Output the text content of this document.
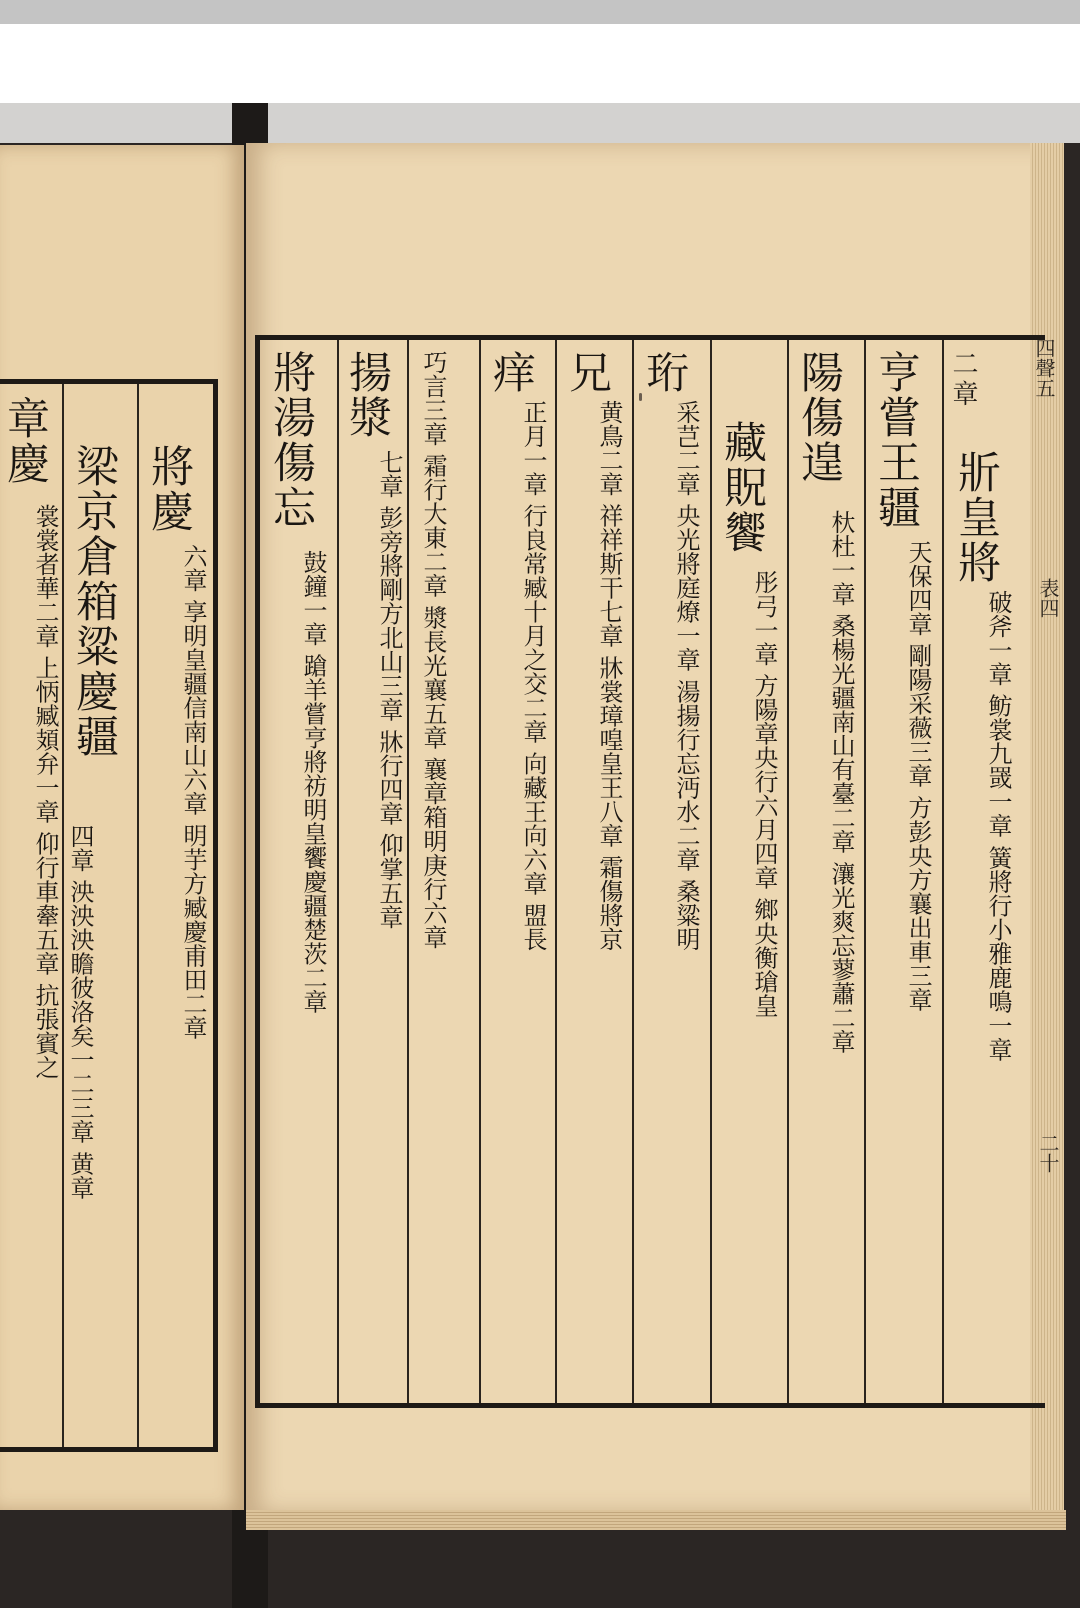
將慶
六章 享明皇疆信南山六章 明芋方臧慶甫田二章
梁京倉箱粱慶疆
四章 泱泱泱瞻彼洛矣一二三章 黄章
章慶
裳裳者華二章 上怲臧頍弁一章 仰行車舝五章 抗張賓之
四聲五
表四
二十
二
章
斨皇將
破斧一章 鲂裳九罭一章 簧將行小雅鹿鳴一章
亨嘗王疆
天保四章 剛陽采薇三章 方彭央方襄出車三章
陽傷遑
杕杜一章 桑楊光疆南山有臺二章 瀼光爽忘蓼蕭二章
藏貺饗
彤弓一章 方陽章央行六月四章 鄉央衡瑲皇
珩
采芑二章 央光將庭燎一章 湯揚行忘沔水二章 桑粱明
兄
黄鳥二章 祥祥斯干七章 牀裳璋喤皇王八章 霜傷將京
痒
正月一章 行良常臧十月之交二章 向藏王向六章 盟長
巧言三章 霜行大東二章 漿長光襄五章 襄章箱明庚行六章
揚漿
七章 彭旁將剛方北山三章 牀行四章 仰掌五章
將湯傷忘
鼓鐘一章 蹌羊嘗亨將祊明皇饗慶疆楚茨二章
